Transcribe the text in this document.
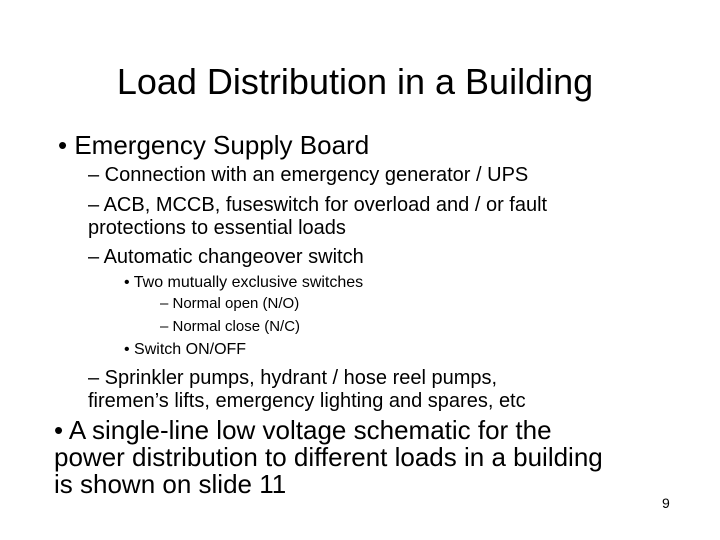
Load Distribution in a Building
• Emergency Supply Board
– Connection with an emergency generator / UPS
– ACB, MCCB, fuseswitch for overload and / or fault
protections to essential loads
– Automatic changeover switch
• Two mutually exclusive switches
– Normal open (N/O)
– Normal close (N/C)
• Switch ON/OFF
– Sprinkler pumps, hydrant / hose reel pumps,
firemen’s lifts, emergency lighting and spares, etc
• A single-line low voltage schematic for the
power distribution to different loads in a building
is shown on slide 11
9
